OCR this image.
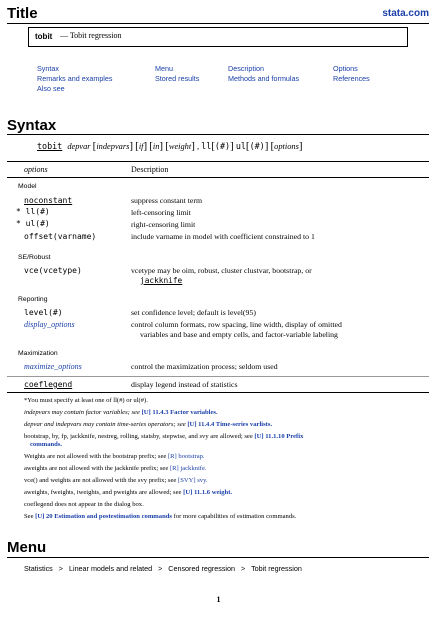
Title	stata.com
tobit — Tobit regression
Syntax
Remarks and examples
Also see
Menu
Stored results
Description
Methods and formulas
Options
References
Syntax
tobit depvar [indepvars] [if] [in] [weight] , ll[(#)] ul[(#)] [options]
options	Description
Model
noconstant	suppress constant term
* ll(#)	left-censoring limit
* ul(#)	right-censoring limit
offset(varname)	include varname in model with coefficient constrained to 1
SE/Robust
vce(vcetype)	vcetype may be oim, robust, cluster clustvar, bootstrap, or
jackknife
Reporting
level(#)	set confidence level; default is level(95)
display_options	control column formats, row spacing, line width, display of omitted
variables and base and empty cells, and factor-variable labeling
Maximization
maximize_options	control the maximization process; seldom used
coeflegend	display legend instead of statistics
*You must specify at least one of ll(#) or ul(#).
indepvars may contain factor variables; see [U] 11.4.3 Factor variables.
depvar and indepvars may contain time-series operators; see [U] 11.4.4 Time-series varlists.
bootstrap, by, fp, jackknife, nestreg, rolling, statsby, stepwise, and svy are allowed; see [U] 11.1.10 Prefix
commands.
Weights are not allowed with the bootstrap prefix; see [R] bootstrap.
aweights are not allowed with the jackknife prefix; see [R] jackknife.
vce() and weights are not allowed with the svy prefix; see [SVY] svy.
aweights, fweights, iweights, and pweights are allowed; see [U] 11.1.6 weight.
coeflegend does not appear in the dialog box.
See [U] 20 Estimation and postestimation commands for more capabilities of estimation commands.
Menu
Statistics > Linear models and related > Censored regression > Tobit regression
1
